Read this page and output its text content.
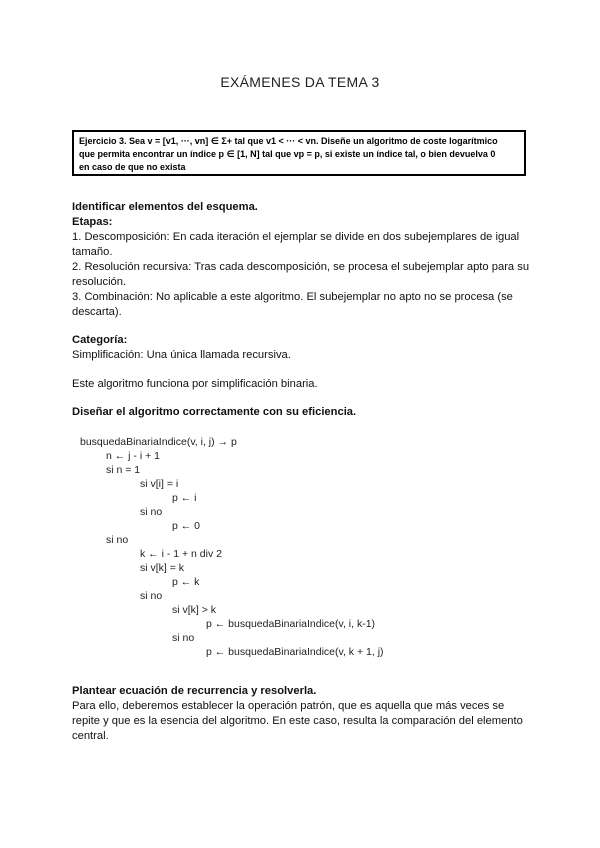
EXÁMENES DA TEMA 3
Ejercicio 3. Sea v = [v1, ···, vn] ∈ Σ+ tal que v1 < ··· < vn. Diseñe un algoritmo de coste logarítmico
que permita encontrar un índice p ∈ [1, N] tal que vp = p, si existe un índice tal, o bien devuelva 0
en caso de que no exista
Identificar elementos del esquema.
Etapas:
1. Descomposición: En cada iteración el ejemplar se divide en dos subejemplares de igual
tamaño.
2. Resolución recursiva: Tras cada descomposición, se procesa el subejemplar apto para su
resolución.
3. Combinación: No aplicable a este algoritmo. El subejemplar no apto no se procesa (se
descarta).
Categoría:
Simplificación: Una única llamada recursiva.
Este algoritmo funciona por simplificación binaria.
Diseñar el algoritmo correctamente con su eficiencia.
busquedaBinariaIndice(v, i, j) → p
n ← j - i + 1
si n = 1
si v[i] = i
p ← i
si no
p ← 0
si no
k ← i - 1 + n div 2
si v[k] = k
p ← k
si no
si v[k] > k
p ← busquedaBinariaIndice(v, i, k-1)
si no
p ← busquedaBinariaIndice(v, k + 1, j)
Plantear ecuación de recurrencia y resolverla.
Para ello, deberemos establecer la operación patrón, que es aquella que más veces se
repite y que es la esencia del algoritmo. En este caso, resulta la comparación del elemento
central.
